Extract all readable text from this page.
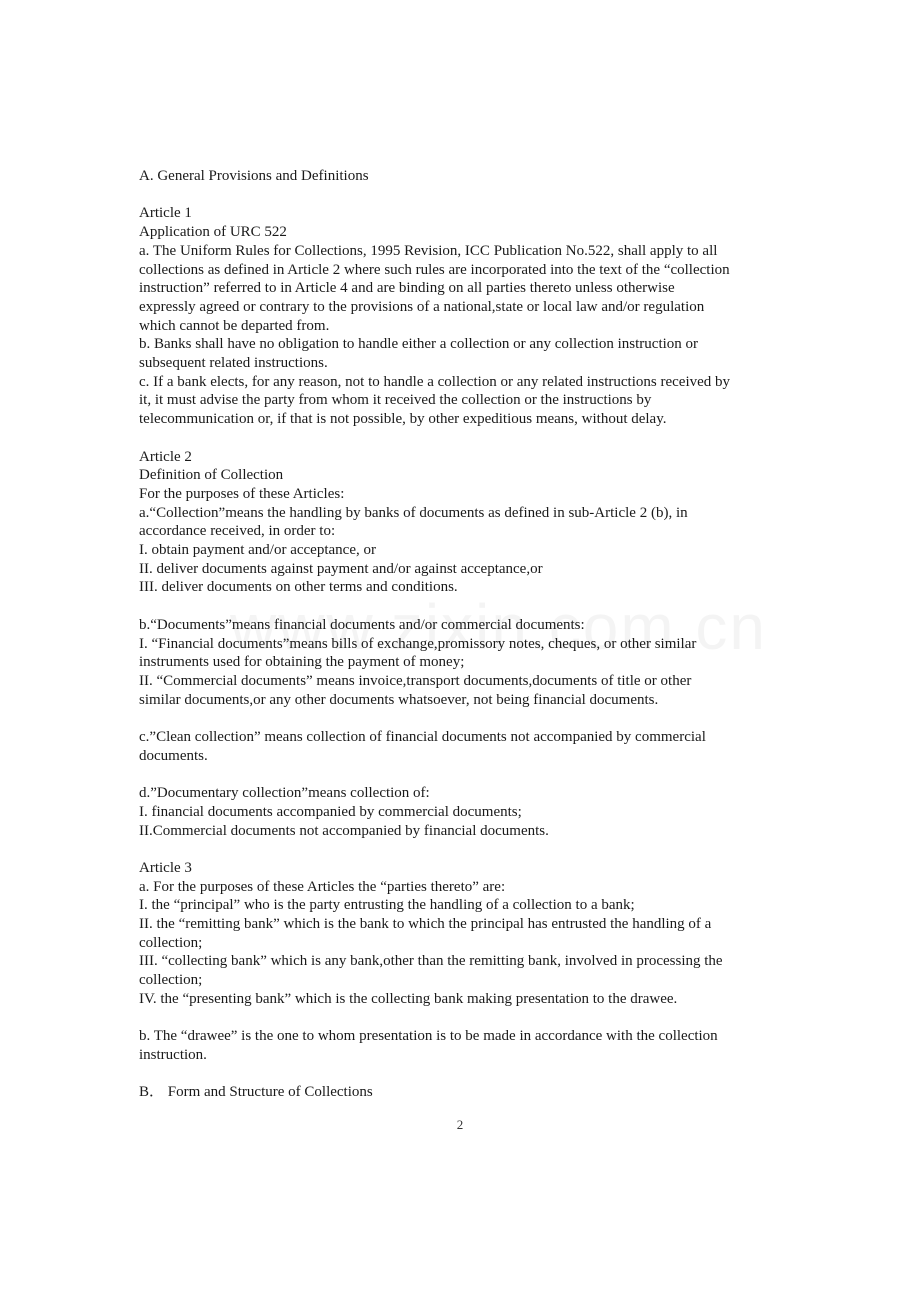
A. General Provisions and Definitions
Article 1
Application of URC 522
a. The Uniform Rules for Collections, 1995 Revision, ICC Publication No.522, shall apply to all
collections as defined in Article 2 where such rules are incorporated into the text of the “collection
instruction” referred to in Article 4 and are binding on all parties thereto unless otherwise
expressly agreed or contrary to the provisions of a national,state or local law and/or regulation
which cannot be departed from.
b. Banks shall have no obligation to handle either a collection or any collection instruction or
subsequent related instructions.
c. If a bank elects, for any reason, not to handle a collection or any related instructions received by
it, it must advise the party from whom it received the collection or the instructions by
telecommunication or, if that is not possible, by other expeditious means, without delay.
Article 2
Definition of Collection
For the purposes of these Articles:
a.“Collection”means the handling by banks of documents as defined in sub-Article 2 (b), in
accordance received, in order to:
I. obtain payment and/or acceptance, or
II. deliver documents against payment and/or against acceptance,or
III. deliver documents on other terms and conditions.
b.“Documents”means financial documents and/or commercial documents:
I. “Financial documents”means bills of exchange,promissory notes, cheques, or other similar
instruments used for obtaining the payment of money;
II. “Commercial documents” means invoice,transport documents,documents of title or other
similar documents,or any other documents whatsoever, not being financial documents.
c.”Clean collection” means collection of financial documents not accompanied by commercial
documents.
d.”Documentary collection”means collection of:
I. financial documents accompanied by commercial documents;
II.Commercial documents not accompanied by financial documents.
Article 3
a. For the purposes of these Articles the “parties thereto” are:
I. the “principal” who is the party entrusting the handling of a collection to a bank;
II. the “remitting bank” which is the bank to which the principal has entrusted the handling of a
collection;
III. “collecting bank” which is any bank,other than the remitting bank, involved in processing the
collection;
IV. the “presenting bank” which is the collecting bank making presentation to the drawee.
b. The “drawee” is the one to whom presentation is to be made in accordance with the collection
instruction.
B． Form and Structure of Collections
2
